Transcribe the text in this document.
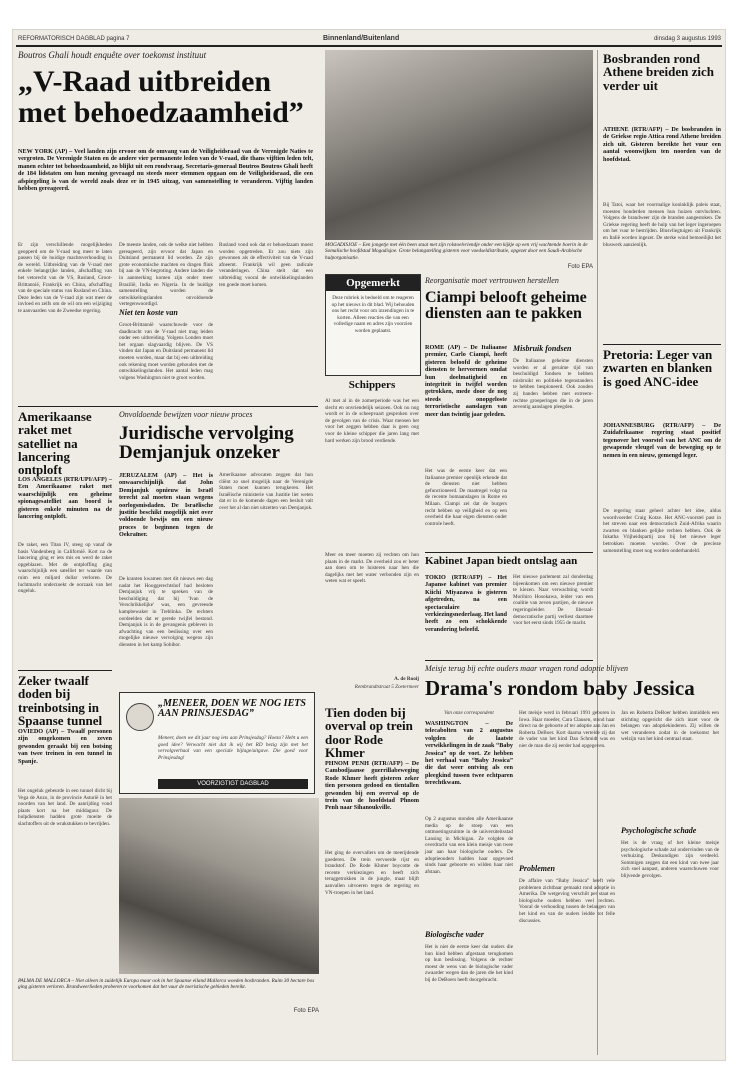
REFORMATORISCH DAGBLAD pagina 7	Binnenland/Buitenland	dinsdag 3 augustus 1993
Boutros Ghali houdt enquête over toekomst instituut
„V-Raad uitbreiden met behoedzaamheid”
NEW YORK (AP) – Veel landen zijn ervoor om de omvang van de Veiligheidsraad van de Verenigde Naties te vergroten. De Verenigde Staten en de andere vier permanente leden van de V-raad, die thans vijftien leden telt, manen echter tot behoedzaamheid, zo blijkt uit een rondvraag. Secretaris-generaal Boutros Boutros Ghali heeft de 184 lidstaten om hun mening gevraagd nu steeds meer stemmen opgaan om de Veiligheidsraad, die een afspiegeling is van de wereld zoals deze er in 1945 uitzag, van samenstelling te veranderen. Vijftig landen hebben gereageerd.
Er zijn verschillende mogelijkheden geopperd om de V-raad nog meer te laten passen bij de huidige machtsverhouding in de wereld. Uitbreiding van de V-raad met enkele belangrijke landen, afschaffing van het vetorecht van de VS, Rusland, Groot-Brittannië, Frankrijk en China, afschaffing van de speciale status van Rusland en China. Deze leden van de V-raad zijn wat meer de invloed en zelfs om de wil om een wijziging te aanvaarden van de Zweedse regering.
De meeste landen, ook de welke niet hebben gereageerd, zijn ervoor dat Japan en Duitsland permanent lid worden. Ze zijn grote economische machten en dragen flink bij aan de VN-begroting. Andere landen die in aanmerking komen zijn onder meer Brazilië, India en Nigeria. In de huidige samenstelling worden de ontwikkelingslanden onvoldoende vertegenwoordigd.
Niet ten koste van
Groot-Brittannië waarschuwde voor de daadkracht van de V-raad niet mag leiden onder een uitbreiding. Volgens Londen moet het orgaan slagvaardig blijven. De VS vinden dat Japan en Duitsland permanent lid moeten worden, maar dat bij een uitbreiding ook rekening moet worden gehouden met de ontwikkelingslanden. Het aantal leden mag volgens Washington niet te groot worden.
Rusland vond ook dat er behoedzaam moest worden opgetreden. Er zou niets zijn gewonnen als de effectiviteit van de V-raad afneemt. Frankrijk wil geen radicale veranderingen. China stelt dat een uitbreiding vooral de ontwikkelingslanden ten goede moet komen.
Amerikaanse raket met satelliet na lancering ontploft
LOS ANGELES (RTR/UPI/AFP) – Een Amerikaanse raket met waarschijnlijk een geheime spionagesatelliet aan boord is gisteren enkele minuten na de lancering ontploft.
De raket, een Titan IV, steeg op vanaf de basis Vandenberg in Californië. Kort na de lancering ging er iets mis en werd de raket opgeblazen. Met de ontploffing ging waarschijnlijk een satelliet ter waarde van ruim een miljard dollar verloren. De luchtmacht onderzoekt de oorzaak van het ongeluk.
Zeker twaalf doden bij treinbotsing in Spaanse tunnel
OVIEDO (AP) – Twaalf personen zijn omgekomen en zeven gewonden geraakt bij een botsing van twee treinen in een tunnel in Spanje.
Het ongeluk gebeurde in een tunnel dicht bij Vega de Anzo, in de provincie Asturië in het noorden van het land. De aanrijding vond plaats kort na het middaguur. De hulpdiensten hadden grote moeite de slachtoffers uit de wrakstukken te bevrijden.
Onvoldoende bewijzen voor nieuw proces
Juridische vervolging Demjanjuk onzeker
JERUZALEM (AP) – Het is onwaarschijnlijk dat John Demjanjuk opnieuw in Israël terecht zal moeten staan wegens oorlogsmisdaden. De Israëlische justitie beschikt mogelijk niet over voldoende bewijs om een nieuw proces te beginnen tegen de Oekraïner.
De kranten kwamen met dit nieuws een dag nadat het Hooggerechtshof had besloten Demjanjuk vrij te spreken van de beschuldiging dat hij 'Ivan de Verschrikkelijke' was, een gevreesde kampbewaker in Treblinka. De rechters oordeelden dat er gerede twijfel bestond. Demjanjuk is in de gevangenis gebleven in afwachting van een beslissing over een mogelijke nieuwe vervolging wegens zijn diensten in het kamp Sobibor.
Amerikaanse advocaten zeggen dat hun cliënt zo snel mogelijk naar de Verenigde Staten moet kunnen terugkeren. Het Israëlische ministerie van Justitie liet weten dat er in de komende dagen een besluit valt over het al dan niet uitzetten van Demjanjuk.
„MENEER, DOEN WE NOG IETS AAN PRINSJESDAG”
Meneer, doen we dit jaar nog iets aan Prinsjesdag? Hoezo? Hebt u een goed idee? Verwacht niet dat ik wij het RD bezig zijn met het vervolgverhaal van een speciale bijlage/uitgave. Die goed voor Prinsjesdag!
VOORZIGTIGT DAGBLAD
PALMA DE MALLORCA – Niet alleen in zuidelijk Europa maar ook in het Spaanse eiland Mallorca woeden bosbranden. Ruim 30 hectare bos ging gisteren verloren. Brandweerlieden proberen te voorkomen dat het vuur de toeristische gebieden bereikt.
Foto EPA
MOGADISJOE – Een jongetje met één been staat met zijn rolstoelvriendje onder een kijkje op een vrij wachtende boerin in de Somalische hoofdstad Mogadisjoe. Grote belangstelling gisteren voor voedseldistributie, opgezet door een Saudi-Arabische hulporganisatie.
Foto EPA
Opgemerkt
Deze rubriek is bedoeld om te reageren op het nieuws in dit blad. Wij behouden ons het recht voor om inzendingen in te korten. Alleen reacties die van een volledige naam en adres zijn voorzien worden geplaatst.
Schippers
Al met al in de zomerperiode was het een slecht en onvriendelijk seizoen. Ook nu nog wordt er in de scheepvaart gesproken over de gevolgen van de crisis. Waar mensen het voor het zeggen hebben daar is geen oog voor de kleine schipper die jaren lang met hard werken zijn brood verdiende.
Meer en meer moeten zij vechten om hun plaats in de markt. De overheid zou er beter aan doen om te luisteren naar hen die dagelijks met het water verbonden zijn en weten wat er speelt.
A. de Rooij
Rembrandtstraat 5 Zoetermeer
Reorganisatie moet vertrouwen herstellen
Ciampi belooft geheime diensten aan te pakken
ROME (AP) – De Italiaanse premier, Carlo Ciampi, heeft gisteren beloofd de geheime diensten te hervormen omdat hun doelmatigheid en integriteit in twijfel worden getrokken, mede door de nog steeds onopgeloste terroristische aanslagen van meer dan twintig jaar geleden.
Het was de eerste keer dat een Italiaanse premier openlijk erkende dat de diensten niet hebben gefunctioneerd. De maatregel volgt na de recente bomaanslagen in Rome en Milaan. Ciampi zei dat de burgers recht hebben op veiligheid en op een overheid die haar eigen diensten onder controle heeft.
Misbruik fondsen
De Italiaanse geheime diensten worden er al geruime tijd van beschuldigd fondsen te hebben misbruikt en politieke tegenstanders te hebben bespioneerd. Ook zouden zij banden hebben met extreem-rechtse groeperingen die in de jaren zeventig aanslagen pleegden.
Kabinet Japan biedt ontslag aan
TOKIO (RTR/AFP) – Het Japanse kabinet van premier Kiichi Miyazawa is gisteren afgetreden, na een spectaculaire verkiezingsnederlaag. Het land heeft zo een schokkende verandering beleefd.
Het nieuwe parlement zal donderdag bijeenkomen om een nieuwe premier te kiezen. Naar verwachting wordt Morihiro Hosokawa, leider van een coalitie van zeven partijen, de nieuwe regeringsleider. De liberaal-democratische partij verliest daarmee voor het eerst sinds 1955 de macht.
Tien doden bij overval op trein door Rode Khmer
PHNOM PENH (RTR/AFP) – De Cambodjaanse guerrillabeweging Rode Khmer heeft gisteren zeker tien personen gedood en tientallen gewonden bij een overval op de trein van de hoofdstad Phnom Penh naar Sihanoukville.
Het ging de overvallers om de meerijdende goederen. De trein vervoerde rijst en brandstof. De Rode Khmer boycotte de recente verkiezingen en heeft zich teruggetrokken in de jungle, maar blijft aanvallen uitvoeren tegen de regering en VN-troepen in het land.
Meisje terug bij echte ouders maar vragen rond adoptie blijven
Drama's rondom baby Jessica
Van onze correspondent
WASHINGTON – De telecabolten van 2 augustus volgden de laatste verwikkelingen in de zaak “Baby Jessica” op de voet. Ze hebben het verhaal van “Baby Jessica” die dat weer ontving als een pleegkind tussen twee echtparen terechtkwam.
Op 2 augustus stonden alle Amerikaanse media op de stoep van een ontmoetingsruimte in de universiteitsstad Lansing in Michigan. Ze volgden de overdracht van een klein meisje van twee jaar aan haar biologische ouders. De adoptieouders hadden haar opgevoed sinds haar geboorte en wilden haar niet afstaan.
Biologische vader
Het is niet de eerste keer dat ouders die hun kind hebben afgestaan terugkomen op hun beslissing. Volgens de rechter moest de wens van de biologische vader zwaarder wegen dan de jaren die het kind bij de DeBoers heeft doorgebracht.
Het meisje werd in februari 1991 geboren in Iowa. Haar moeder, Cara Clausen, stond haar direct na de geboorte af ter adoptie aan Jan en Roberta DeBoer. Kort daarna vertelde zij dat de vader van het kind Dan Schmidt was en niet de man die zij eerder had opgegeven.
Problemen
De affaire van “Baby Jessica” heeft vele problemen zichtbaar gemaakt rond adoptie in Amerika. De wetgeving verschilt per staat en biologische ouders hebben veel rechten. Vooral de verhouding tussen de belangen van het kind en van de ouders leidde tot felle discussies.
Jan en Roberta DeBoer hebben inmiddels een stichting opgericht die zich inzet voor de belangen van adoptiekinderen. Zij willen de wet veranderen zodat in de toekomst het welzijn van het kind centraal staat.
Psychologische schade
Het is de vraag of het kleine meisje psychologische schade zal ondervinden van de verhuizing. Deskundigen zijn verdeeld. Sommigen zeggen dat een kind van twee jaar zich snel aanpast, anderen waarschuwen voor blijvende gevolgen.
Bosbranden rond Athene breiden zich verder uit
ATHENE (RTR/AFP) – De bosbranden in de Griekse regio Attica rond Athene breiden zich uit. Gisteren bereikte het vuur een aantal woonwijken ten noorden van de hoofdstad.
Bij Tatoi, waar het voormalige koninklijk paleis staat, moesten honderden mensen hun huizen ontvluchten. Volgens de brandweer zijn de branden aangestoken. De Griekse regering heeft de hulp van het leger ingeroepen om het vuur te bestrijden. Blusvliegtuigen uit Frankrijk en Italië worden ingezet. De sterke wind bemoeilijkt het bluswerk aanzienlijk.
Pretoria: Leger van zwarten en blanken is goed ANC-idee
JOHANNESBURG (RTR/AFP) – De Zuidafrikaanse regering staat positief tegenover het voorstel van het ANC om de gewapende vleugel van de beweging op te nemen in een nieuw, gemengd leger.
De regering staat geheel achter het idee, aldus woordvoerder Craig Kotze. Het ANC-voorstel past in het streven naar een democratisch Zuid-Afrika waarin zwarten en blanken gelijke rechten hebben. Ook de Inkatha Vrijheidspartij zou bij het nieuwe leger betrokken moeten worden. Over de precieze samenstelling moet nog worden onderhandeld.
